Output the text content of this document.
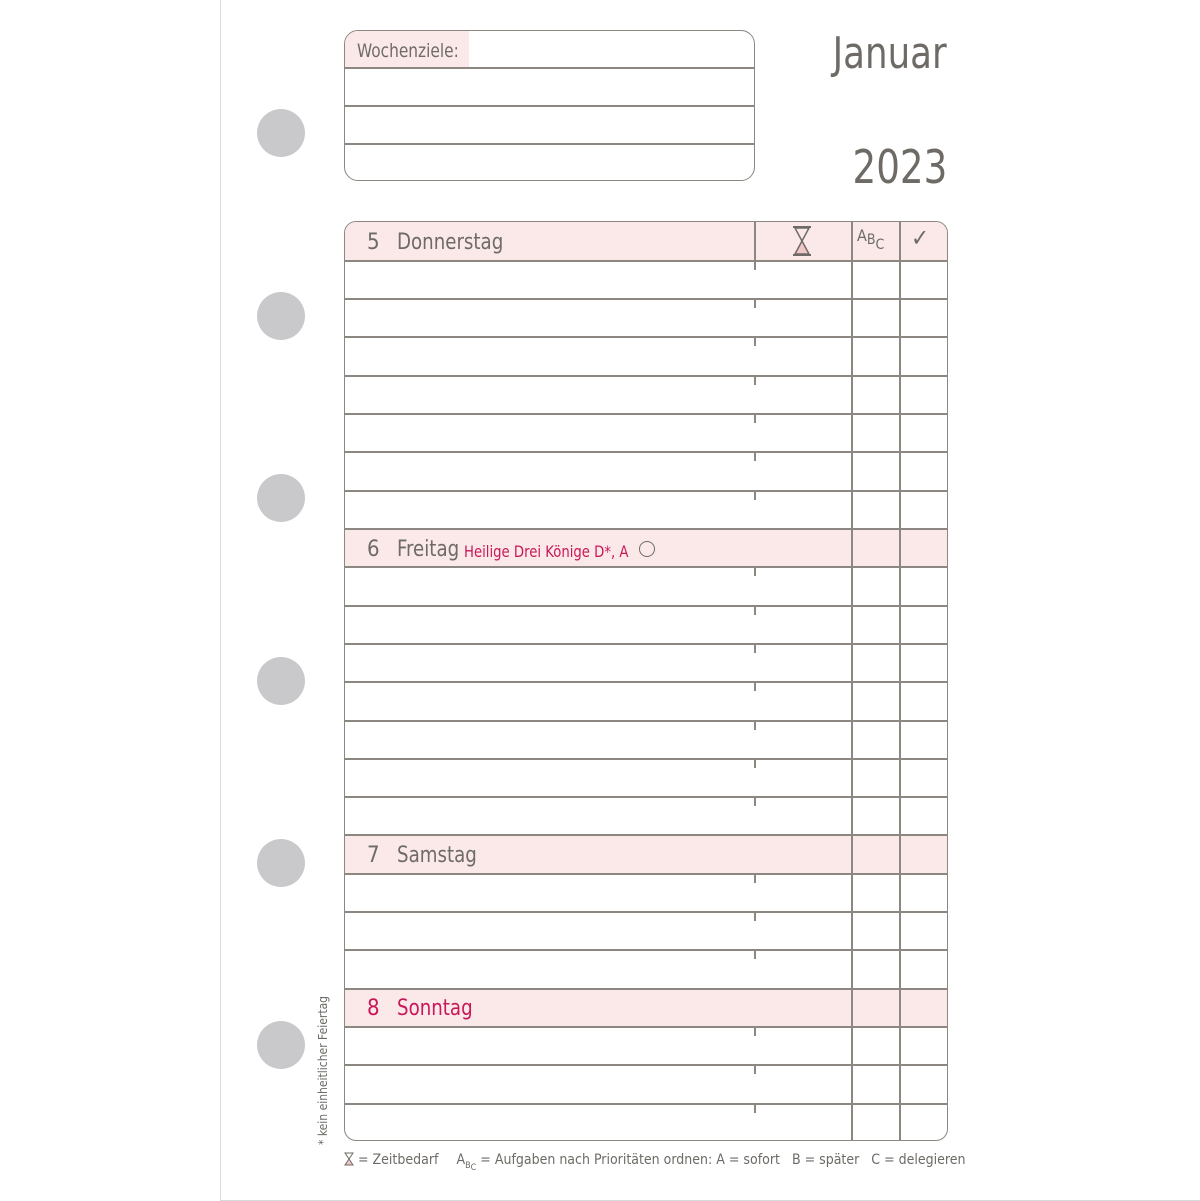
Wochenziele:	Januar
2023
$A_{BC}$ ✓
5 Donnerstag
6 Freitag Heilige Drei Könige D*, A
7 Samstag
8 Sonntag
* kein einheitlicher Feiertag
= Zeitbedarf $A_{BC}$ = Aufgaben nach Prioritäten ordnen: A = sofort B = später C = delegieren
